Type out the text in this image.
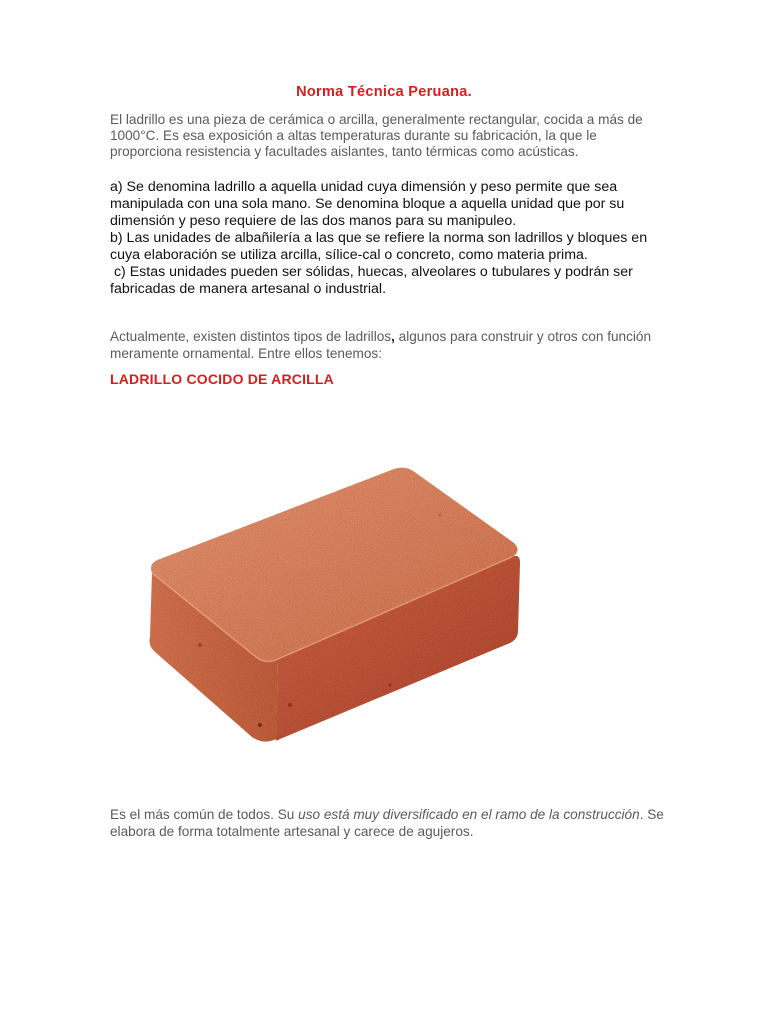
Norma Técnica Peruana.

El ladrillo es una pieza de cerámica o arcilla, generalmente rectangular, cocida a más de 1000°C. Es esa exposición a altas temperaturas durante su fabricación, la que le proporciona resistencia y facultades aislantes, tanto térmicas como acústicas.

a) Se denomina ladrillo a aquella unidad cuya dimensión y peso permite que sea manipulada con una sola mano. Se denomina bloque a aquella unidad que por su dimensión y peso requiere de las dos manos para su manipuleo.

b) Las unidades de albañilería a las que se refiere la norma son ladrillos y bloques en cuya elaboración se utiliza arcilla, sílice-cal o concreto, como materia prima.

c) Estas unidades pueden ser sólidas, huecas, alveolares o tubulares y podrán ser fabricadas de manera artesanal o industrial.

Actualmente, existen distintos tipos de ladrillos, algunos para construir y otros con función meramente ornamental. Entre ellos tenemos:

LADRILLO COCIDO DE ARCILLA

Es el más común de todos. Su uso está muy diversificado en el ramo de la construcción. Se elabora de forma totalmente artesanal y carece de agujeros.
